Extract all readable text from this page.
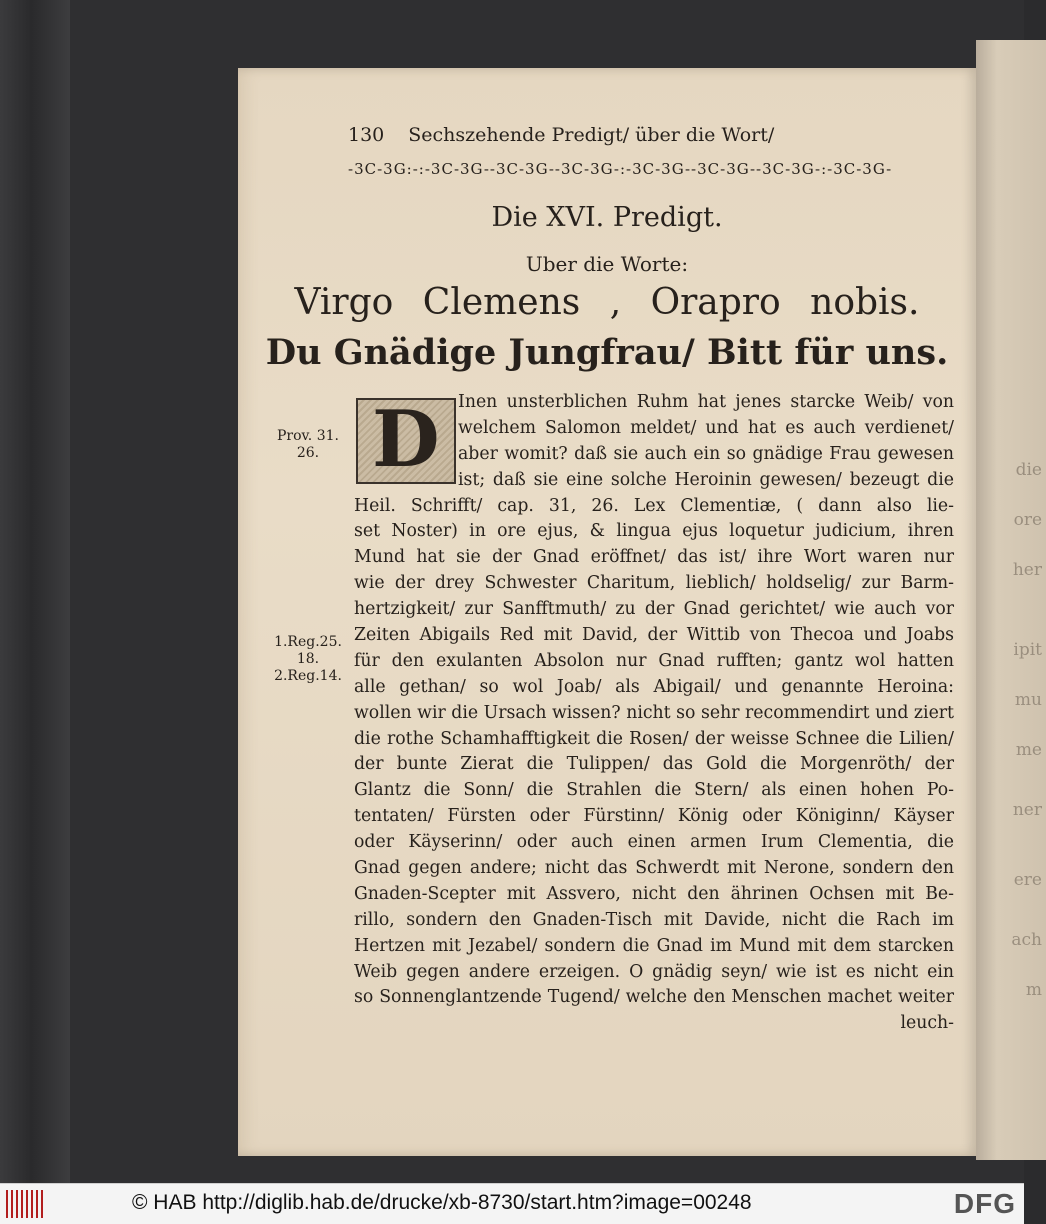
die
ore
her
ipit
mu
me
ner
ere
ach
m
130 Sechszehende Predigt/ über die Wort/
-3C-3G:-:-3C-3G--3C-3G--3C-3G-:-3C-3G--3C-3G--3C-3G-:-3C-3G-
Die XVI. Predigt.
Uber die Worte:
Virgo Clemens , Orapro nobis.
Du Gnädige Jungfrau/ Bitt für uns.
Prov. 31. 26.
1.Reg.25. 18.
2.Reg.14.
D	Inen unsterblichen Ruhm hat jenes starcke Weib/ von
welchem Salomon meldet/ und hat es auch verdienet/
aber womit? daß sie auch ein so gnädige Frau gewesen
ist; daß sie eine solche Heroinin gewesen/ bezeugt die
Heil. Schrifft/ cap. 31, 26. Lex Clementiæ, ( dann also lie-
set Noster) in ore ejus, & lingua ejus loquetur judicium, ihren
Mund hat sie der Gnad eröffnet/ das ist/ ihre Wort waren nur
wie der drey Schwester Charitum, lieblich/ holdselig/ zur Barm-
hertzigkeit/ zur Sanfftmuth/ zu der Gnad gerichtet/ wie auch vor
Zeiten Abigails Red mit David, der Wittib von Thecoa und Joabs
für den exulanten Absolon nur Gnad rufften; gantz wol hatten
alle gethan/ so wol Joab/ als Abigail/ und genannte Heroina:
wollen wir die Ursach wissen? nicht so sehr recommendirt und ziert
die rothe Schamhafftigkeit die Rosen/ der weisse Schnee die Lilien/
der bunte Zierat die Tulippen/ das Gold die Morgenröth/ der
Glantz die Sonn/ die Strahlen die Stern/ als einen hohen Po-
tentaten/ Fürsten oder Fürstinn/ König oder Königinn/ Käyser
oder Käyserinn/ oder auch einen armen Irum Clementia, die
Gnad gegen andere; nicht das Schwerdt mit Nerone, sondern den
Gnaden-Scepter mit Assvero, nicht den ährinen Ochsen mit Be-
rillo, sondern den Gnaden-Tisch mit Davide, nicht die Rach im
Hertzen mit Jezabel/ sondern die Gnad im Mund mit dem starcken
Weib gegen andere erzeigen. O gnädig seyn/ wie ist es nicht ein
so Sonnenglantzende Tugend/ welche den Menschen machet weiter
leuch-
© HAB http://diglib.hab.de/drucke/xb-8730/start.htm?image=00248	DFG
